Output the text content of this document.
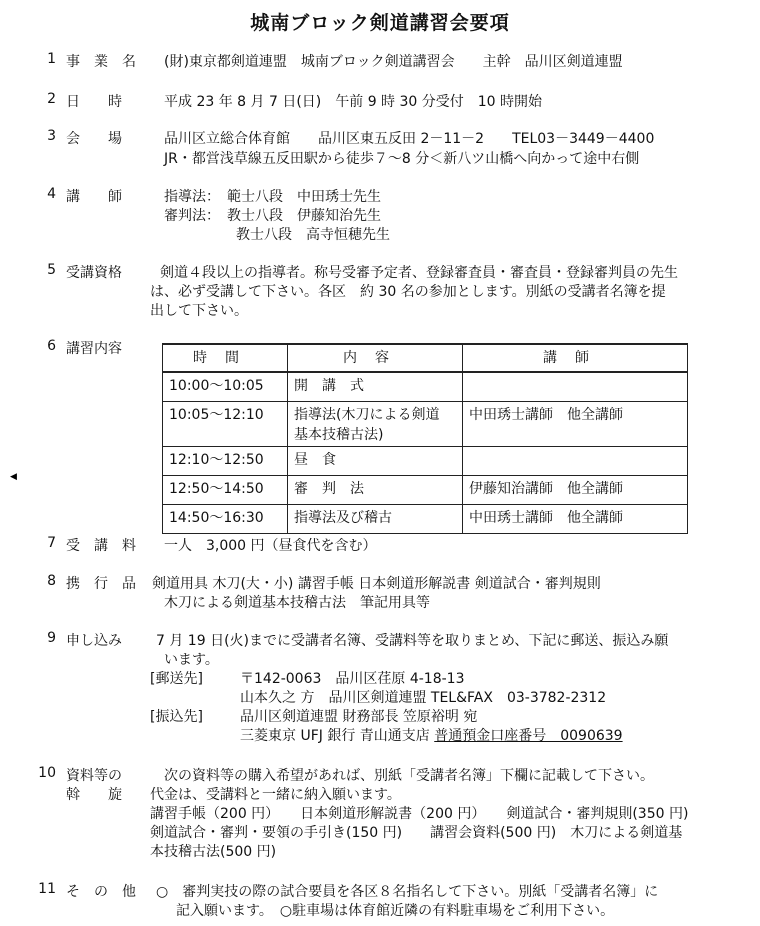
城南ブロック剣道講習会要項
1 事　業　名	(財)東京都剣道連盟　城南ブロック剣道講習会　　主幹　品川区剣道連盟
2 日　　時	平成 23 年 8 月 7 日(日)　午前 9 時 30 分受付　10 時開始
3 会　　場	品川区立総合体育館　　品川区東五反田 2－11－2　　TEL03－3449－4400
JR・都営浅草線五反田駅から徒歩７～8 分＜新八ツ山橋へ向かって途中右側
4 講　　師	指導法：　範士八段　中田琇士先生
審判法：　教士八段　伊藤知治先生
教士八段　高寺恒穂先生
5 受講資格	剣道４段以上の指導者。称号受審予定者、登録審査員・審査員・登録審判員の先生
は、必ず受講して下さい。各区　約 30 名の参加とします。別紙の受講者名簿を提
出して下さい。
6 講習内容
◀
時間	内容	講師
10:00～10:05	開　講　式	
10:05～12:10	指導法(木刀による剣道
基本技稽古法)	中田琇士講師　他全講師
12:10～12:50	昼　食	
12:50～14:50	審　判　法	伊藤知治講師　他全講師
14:50～16:30	指導法及び稽古	中田琇士講師　他全講師
7 受　講　料	一人　3,000 円（昼食代を含む）
8 携　行　品	剣道用具 木刀(大・小) 講習手帳 日本剣道形解説書 剣道試合・審判規則
木刀による剣道基本技稽古法　筆記用具等
9 申し込み	7 月 19 日(火)までに受講者名簿、受講料等を取りまとめ、下記に郵送、振込み願
います。
[郵送先]	〒142-0063　品川区荏原 4-18-13
山本久之 方　品川区剣道連盟 TEL&FAX　03-3782-2312
[振込先]	品川区剣道連盟 財務部長 笠原裕明 宛
三菱東京 UFJ 銀行 青山通支店 普通預金口座番号　0090639
10 資料等の
斡　　旋
次の資料等の購入希望があれば、別紙「受講者名簿」下欄に記載して下さい。
代金は、受講料と一緒に納入願います。
講習手帳（200 円）　　日本剣道形解説書（200 円）　　剣道試合・審判規則(350 円)
剣道試合・審判・要領の手引き(150 円)　　講習会資料(500 円)　木刀による剣道基
本技稽古法(500 円)
11 そ　の　他	○　審判実技の際の試合要員を各区８名指名して下さい。別紙「受講者名簿」に
記入願います。　○駐車場は体育館近隣の有料駐車場をご利用下さい。
